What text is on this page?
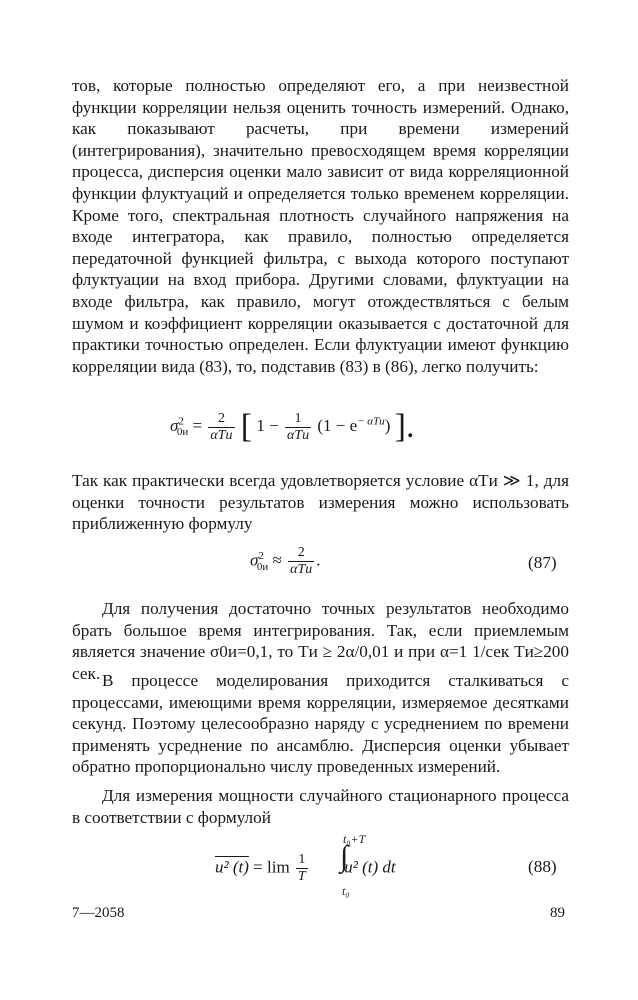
тов, которые полностью определяют его, а при неизвестной функции корреляции нельзя оценить точность измерений. Однако, как показывают расчеты, при времени измерений (интегрирования), значительно превосходящем время корреляции процесса, дисперсия оценки мало зависит от вида корреляционной функции флуктуаций и определяется только временем корреляции. Кроме того, спектральная плотность случайного напряжения на входе интегратора, как правило, полностью определяется передаточной функцией фильтра, с выхода которого поступают флуктуации на вход прибора. Другими словами, флуктуации на входе фильтра, как правило, могут отождествляться с белым шумом и коэффициент корреляции оказывается с достаточной для практики точностью определен. Если флуктуации имеют функцию корреляции вида (83), то, подставив (83) в (86), легко получить:

$\sigma^2_{0и}$ =	2
αTи [ 1 −	1
αTи
$(1 - e^{- \alpha Tи})$ ].

Так как практически всегда удовлетворяется условие αTи ≫ 1, для оценки точности результатов измерения можно использовать приближенную формулу

$\sigma^2_{0и}$ ≈	2
αTи
.	(87)

Для получения достаточно точных результатов необходимо брать большое время интегрирования. Так, если приемлемым является значение σ0и=0,1, то Tи ≥ 2α/0,01 и при α=1 1/сек Tи≥200 сек. В процессе моделирования приходится сталкиваться с процессами, имеющими время корреляции, измеряемое десятками секунд. Поэтому целесообразно наряду с усреднением по времени применять усреднение по ансамблю. Дисперсия оценки убывает обратно пропорционально числу проведенных измерений.

Для измерения мощности случайного стационарного процесса в соответствии с формулой

u² $(t) = \lim \frac{1}{T} u^2$ (t) dt
∫
t₀+T
t₀
(88)
7—2058	89
